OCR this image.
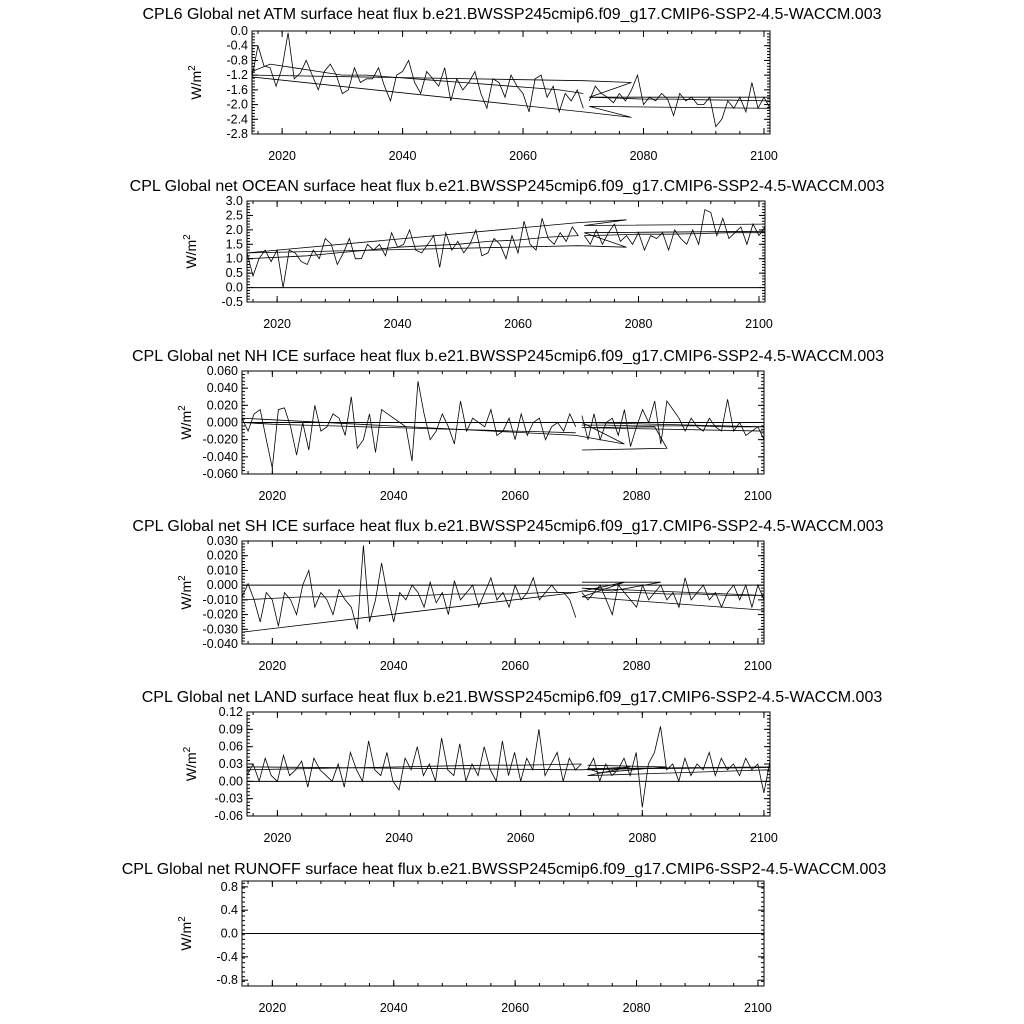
CPL6 Global net ATM surface heat flux b.e21.BWSSP245cmip6.f09_g17.CMIP6-SSP2-4.5-WACCM.003
0.0
-0.4
-0.8
-1.2
-1.6
-2.0
-2.4
-2.8
2020	2040	2060	2080	2100
$W/m^2$
CPL Global net OCEAN surface heat flux b.e21.BWSSP245cmip6.f09_g17.CMIP6-SSP2-4.5-WACCM.003
3.0
2.5
2.0
1.5
1.0
0.5
0.0
-0.5
2020	2040	2060	2080	2100
$W/m^2$
CPL Global net NH ICE surface heat flux b.e21.BWSSP245cmip6.f09_g17.CMIP6-SSP2-4.5-WACCM.003
0.060
0.040
0.020
0.000
-0.020
-0.040
-0.060
2020	2040	2060	2080	2100
$W/m^2$
CPL Global net SH ICE surface heat flux b.e21.BWSSP245cmip6.f09_g17.CMIP6-SSP2-4.5-WACCM.003
0.030
0.020
0.010
0.000
-0.010
-0.020
-0.030
-0.040
2020	2040	2060	2080	2100
$W/m^2$
CPL Global net LAND surface heat flux b.e21.BWSSP245cmip6.f09_g17.CMIP6-SSP2-4.5-WACCM.003
0.12
0.09
0.06
0.03
0.00
-0.03
-0.06
2020	2040	2060	2080	2100
$W/m^2$
CPL Global net RUNOFF surface heat flux b.e21.BWSSP245cmip6.f09_g17.CMIP6-SSP2-4.5-WACCM.003
0.8
0.4
0.0
-0.4
-0.8
2020	2040	2060	2080	2100
$W/m^2$
